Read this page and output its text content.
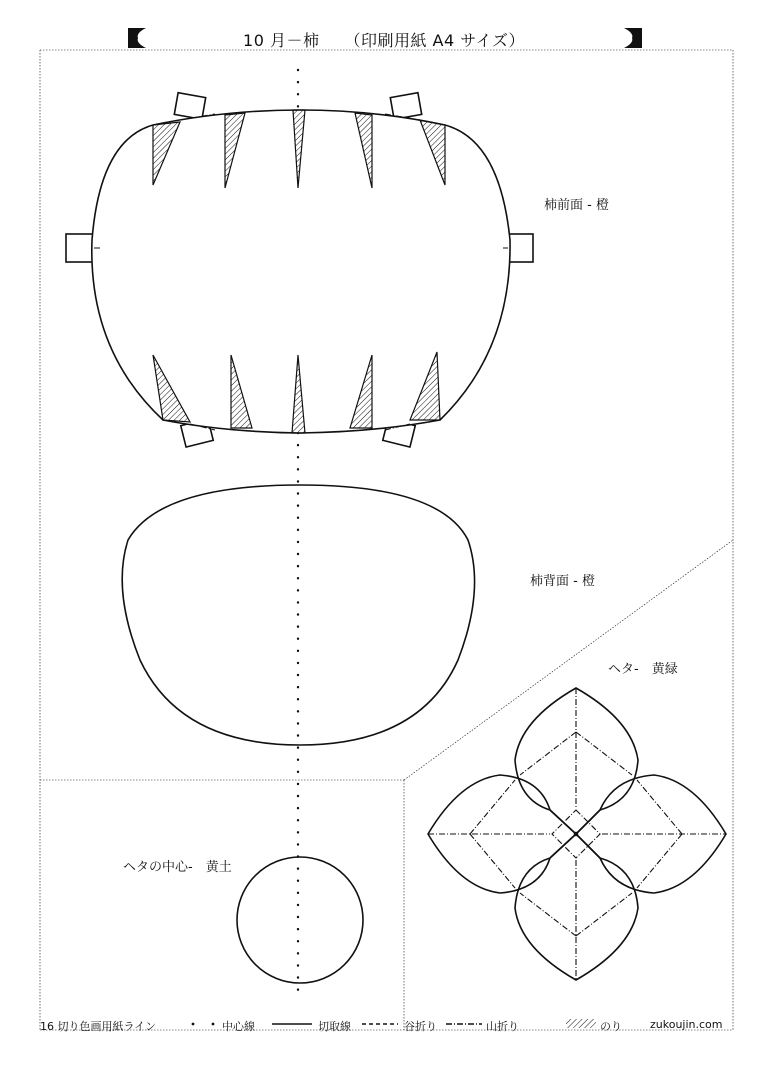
10 月－柿　　（印刷用紙 A4 サイズ）
柿前面 - 橙
柿背面 - 橙
ヘタ-　黄緑
ヘタの中心-　黄土
16 切り色画用紙ライン	中心線	切取線	谷折り	山折り	のり	zukoujin.com
